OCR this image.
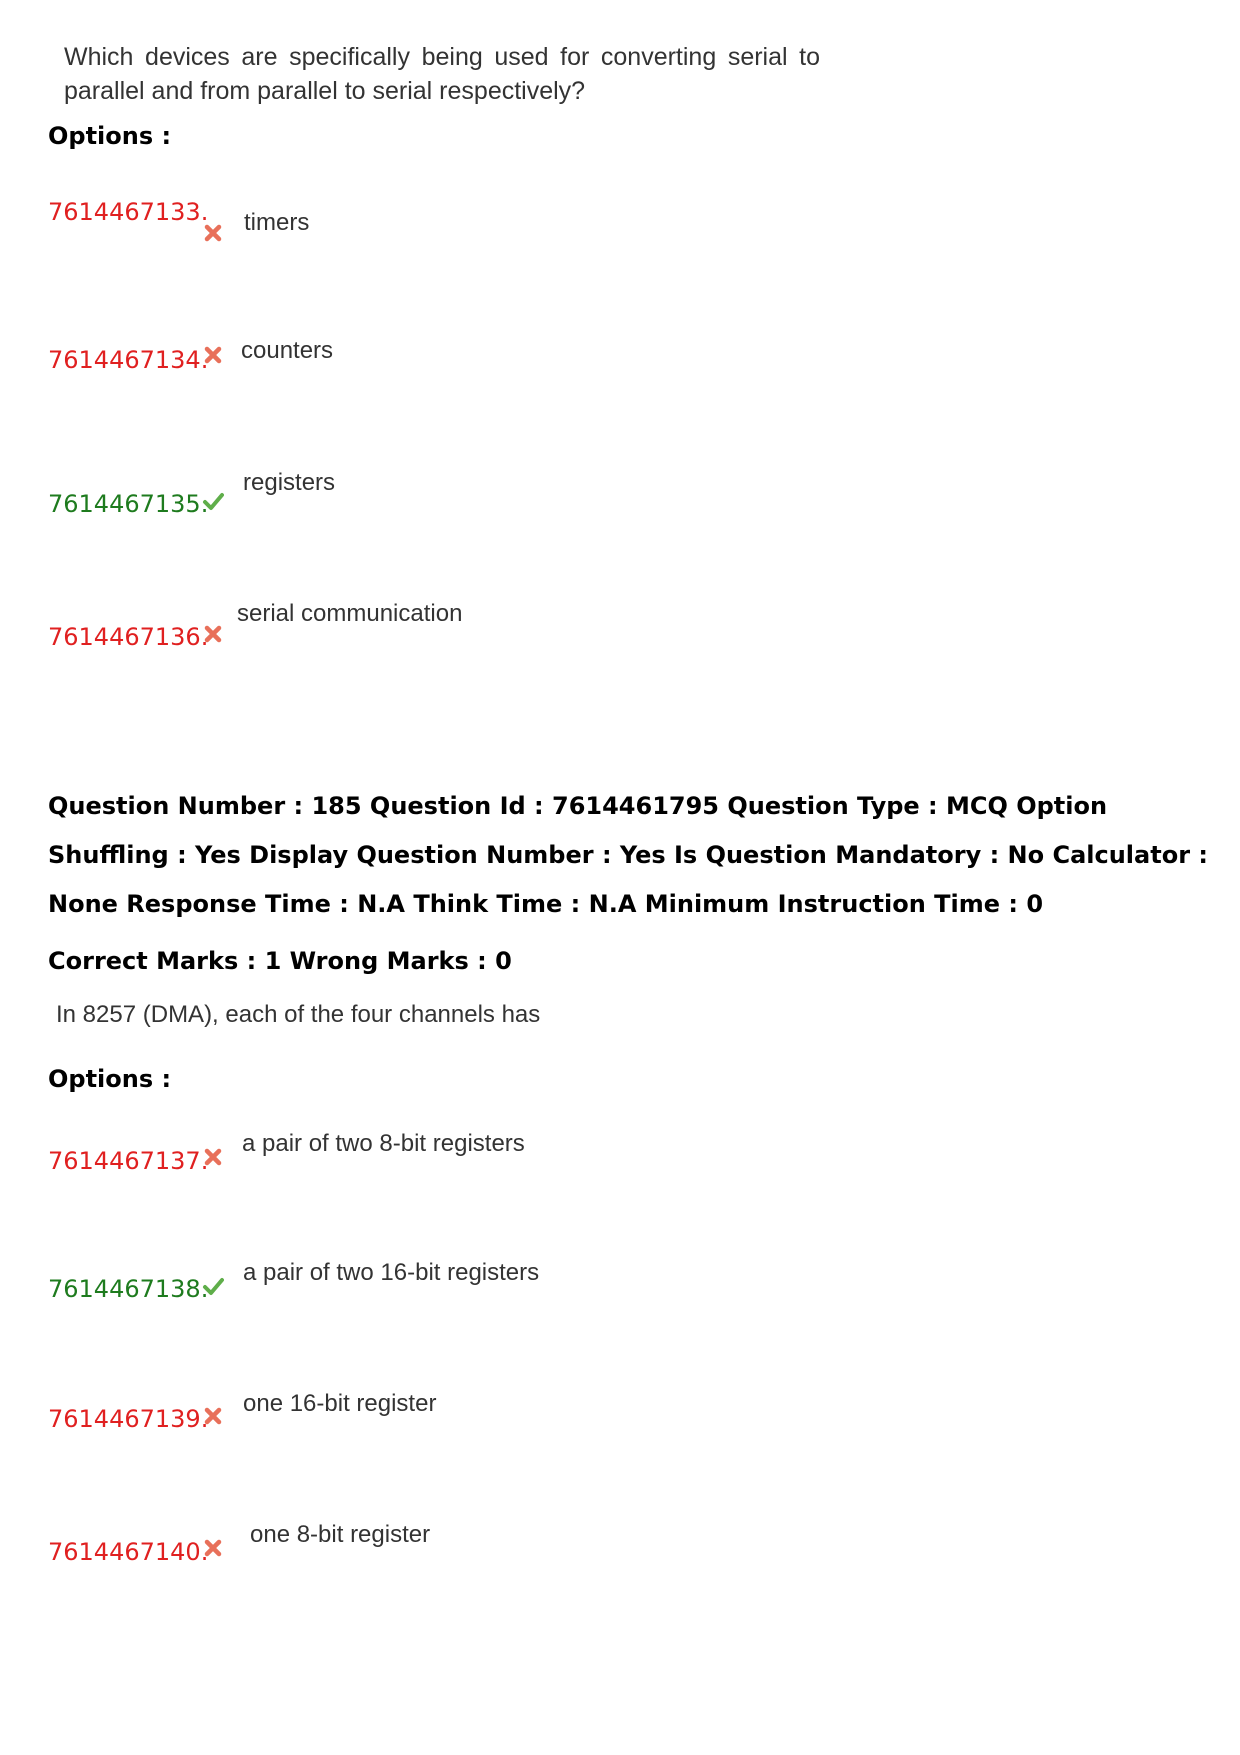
Which devices are specifically being used for converting serial to parallel and from parallel to serial respectively?
Options :
7614467133. timers
7614467134. counters
7614467135.
registers
7614467136.
serial communication
Question Number : 185 Question Id : 7614461795 Question Type : MCQ Option Shuffling : Yes Display Question Number : Yes Is Question Mandatory : No Calculator : None Response Time : N.A Think Time : N.A Minimum Instruction Time : 0
Correct Marks : 1 Wrong Marks : 0
In 8257 (DMA), each of the four channels has
Options :
7614467137.
a pair of two 8-bit registers
7614467138.
a pair of two 16-bit registers
7614467139.
one 16-bit register
7614467140.
one 8-bit register
